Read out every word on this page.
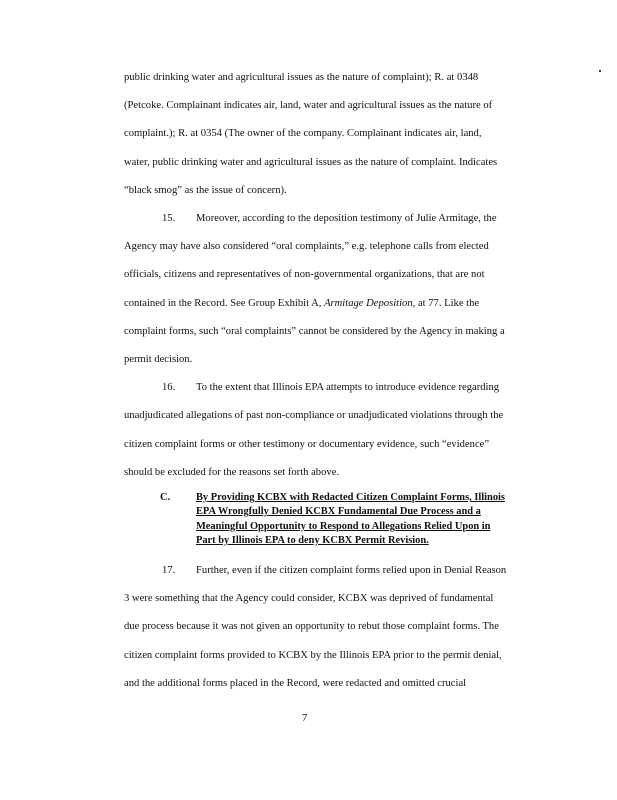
public drinking water and agricultural issues as the nature of complaint); R. at 0348
(Petcoke. Complainant indicates air, land, water and agricultural issues as the nature of
complaint.); R. at 0354 (The owner of the company. Complainant indicates air, land,
water, public drinking water and agricultural issues as the nature of complaint. Indicates
“black smog” as the issue of concern).
15. Moreover, according to the deposition testimony of Julie Armitage, the
Agency may have also considered “oral complaints,” e.g. telephone calls from elected
officials, citizens and representatives of non-governmental organizations, that are not
contained in the Record. See Group Exhibit A, Armitage Deposition, at 77. Like the
complaint forms, such “oral complaints” cannot be considered by the Agency in making a
permit decision.
16. To the extent that Illinois EPA attempts to introduce evidence regarding
unadjudicated allegations of past non-compliance or unadjudicated violations through the
citizen complaint forms or other testimony or documentary evidence, such “evidence”
should be excluded for the reasons set forth above.
C. By Providing KCBX with Redacted Citizen Complaint Forms, Illinois
EPA Wrongfully Denied KCBX Fundamental Due Process and a
Meaningful Opportunity to Respond to Allegations Relied Upon in
Part by Illinois EPA to deny KCBX Permit Revision.
17. Further, even if the citizen complaint forms relied upon in Denial Reason
3 were something that the Agency could consider, KCBX was deprived of fundamental
due process because it was not given an opportunity to rebut those complaint forms. The
citizen complaint forms provided to KCBX by the Illinois EPA prior to the permit denial,
and the additional forms placed in the Record, were redacted and omitted crucial
7
